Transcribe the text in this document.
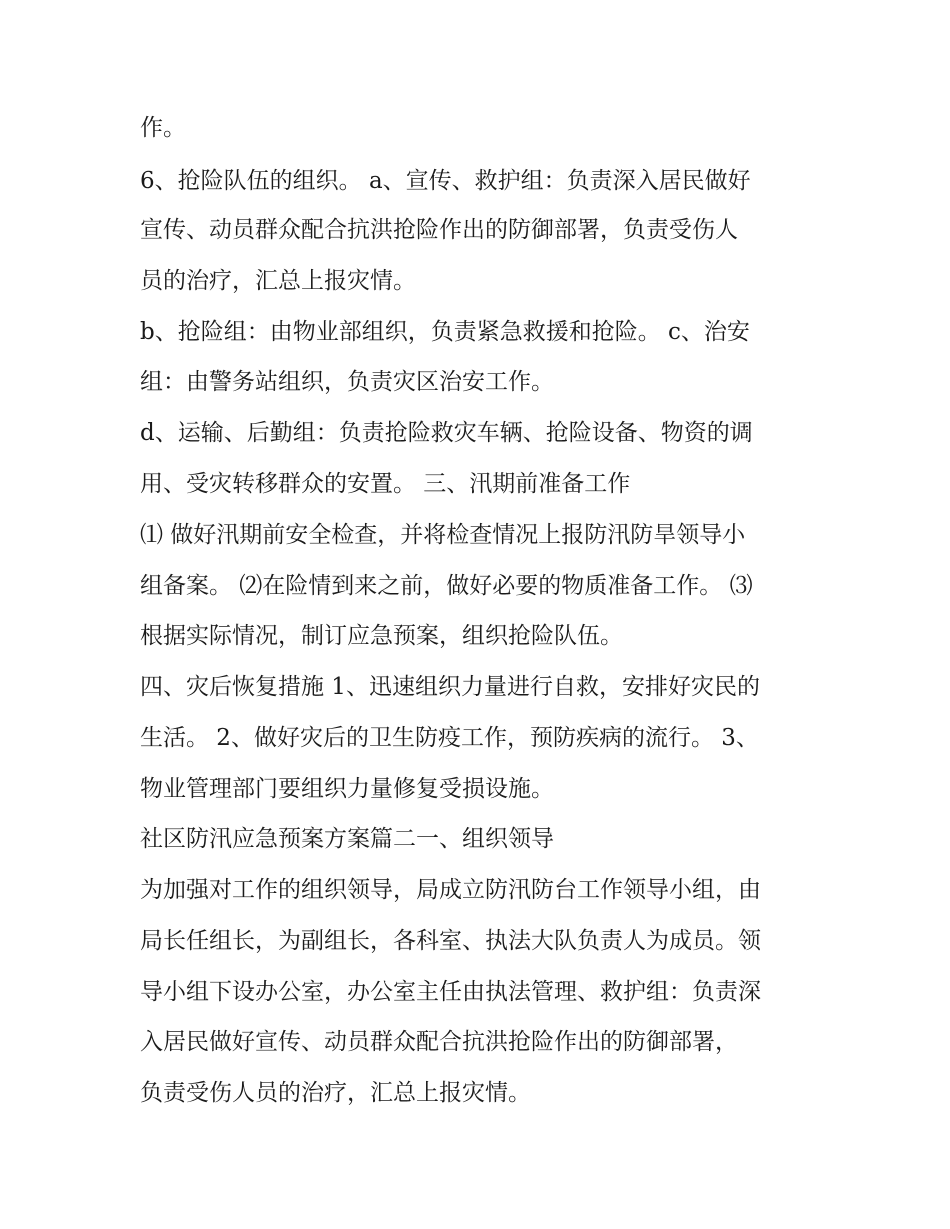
作。

6、抢险队伍的组织。 a、宣传、救护组：负责深入居民做好

宣传、动员群众配合抗洪抢险作出的防御部署，负责受伤人

员的治疗，汇总上报灾情。

b、抢险组：由物业部组织，负责紧急救援和抢险。 c、治安

组：由警务站组织，负责灾区治安工作。

d、运输、后勤组：负责抢险救灾车辆、抢险设备、物资的调

用、受灾转移群众的安置。 三、汛期前准备工作

⑴ 做好汛期前安全检查，并将检查情况上报防汛防旱领导小

组备案。 ⑵在险情到来之前，做好必要的物质准备工作。 ⑶

根据实际情况，制订应急预案，组织抢险队伍。

四、灾后恢复措施 1、迅速组织力量进行自救，安排好灾民的

生活。 2、做好灾后的卫生防疫工作，预防疾病的流行。 3、

物业管理部门要组织力量修复受损设施。

社区防汛应急预案方案篇二一、组织领导

为加强对工作的组织领导，局成立防汛防台工作领导小组，由

局长任组长，为副组长，各科室、执法大队负责人为成员。领

导小组下设办公室，办公室主任由执法管理、救护组：负责深

入居民做好宣传、动员群众配合抗洪抢险作出的防御部署，

负责受伤人员的治疗，汇总上报灾情。
